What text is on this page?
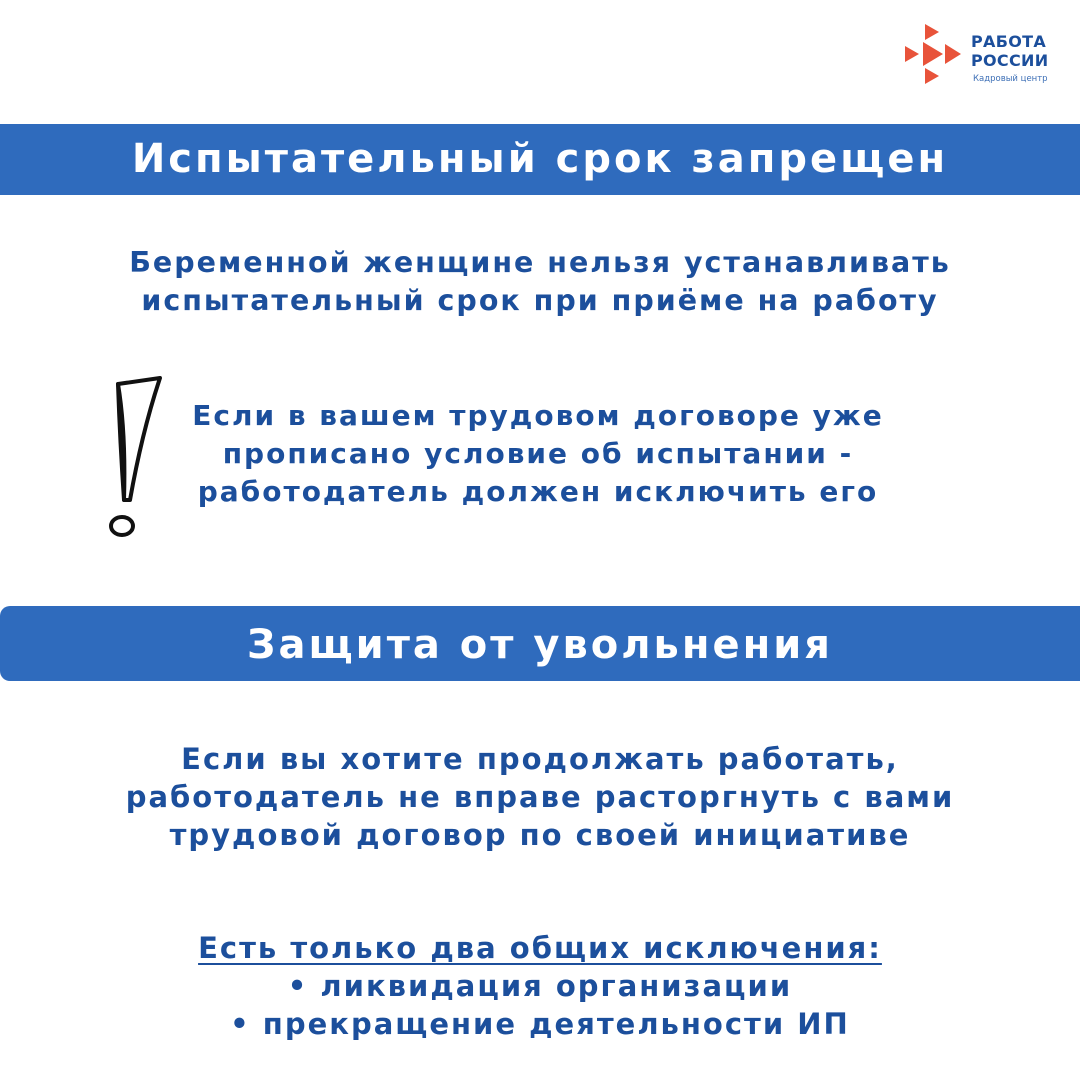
РАБОТА
РОССИИ
Кадровый центр
Испытательный срок запрещен
Беременной женщине нельзя устанавливать
испытательный срок при приёме на работу
Если в вашем трудовом договоре уже
прописано условие об испытании -
работодатель должен исключить его
Защита от увольнения
Если вы хотите продолжать работать,
работодатель не вправе расторгнуть с вами
трудовой договор по своей инициативе
Есть только два общих исключения:
• ликвидация организации
• прекращение деятельности ИП
